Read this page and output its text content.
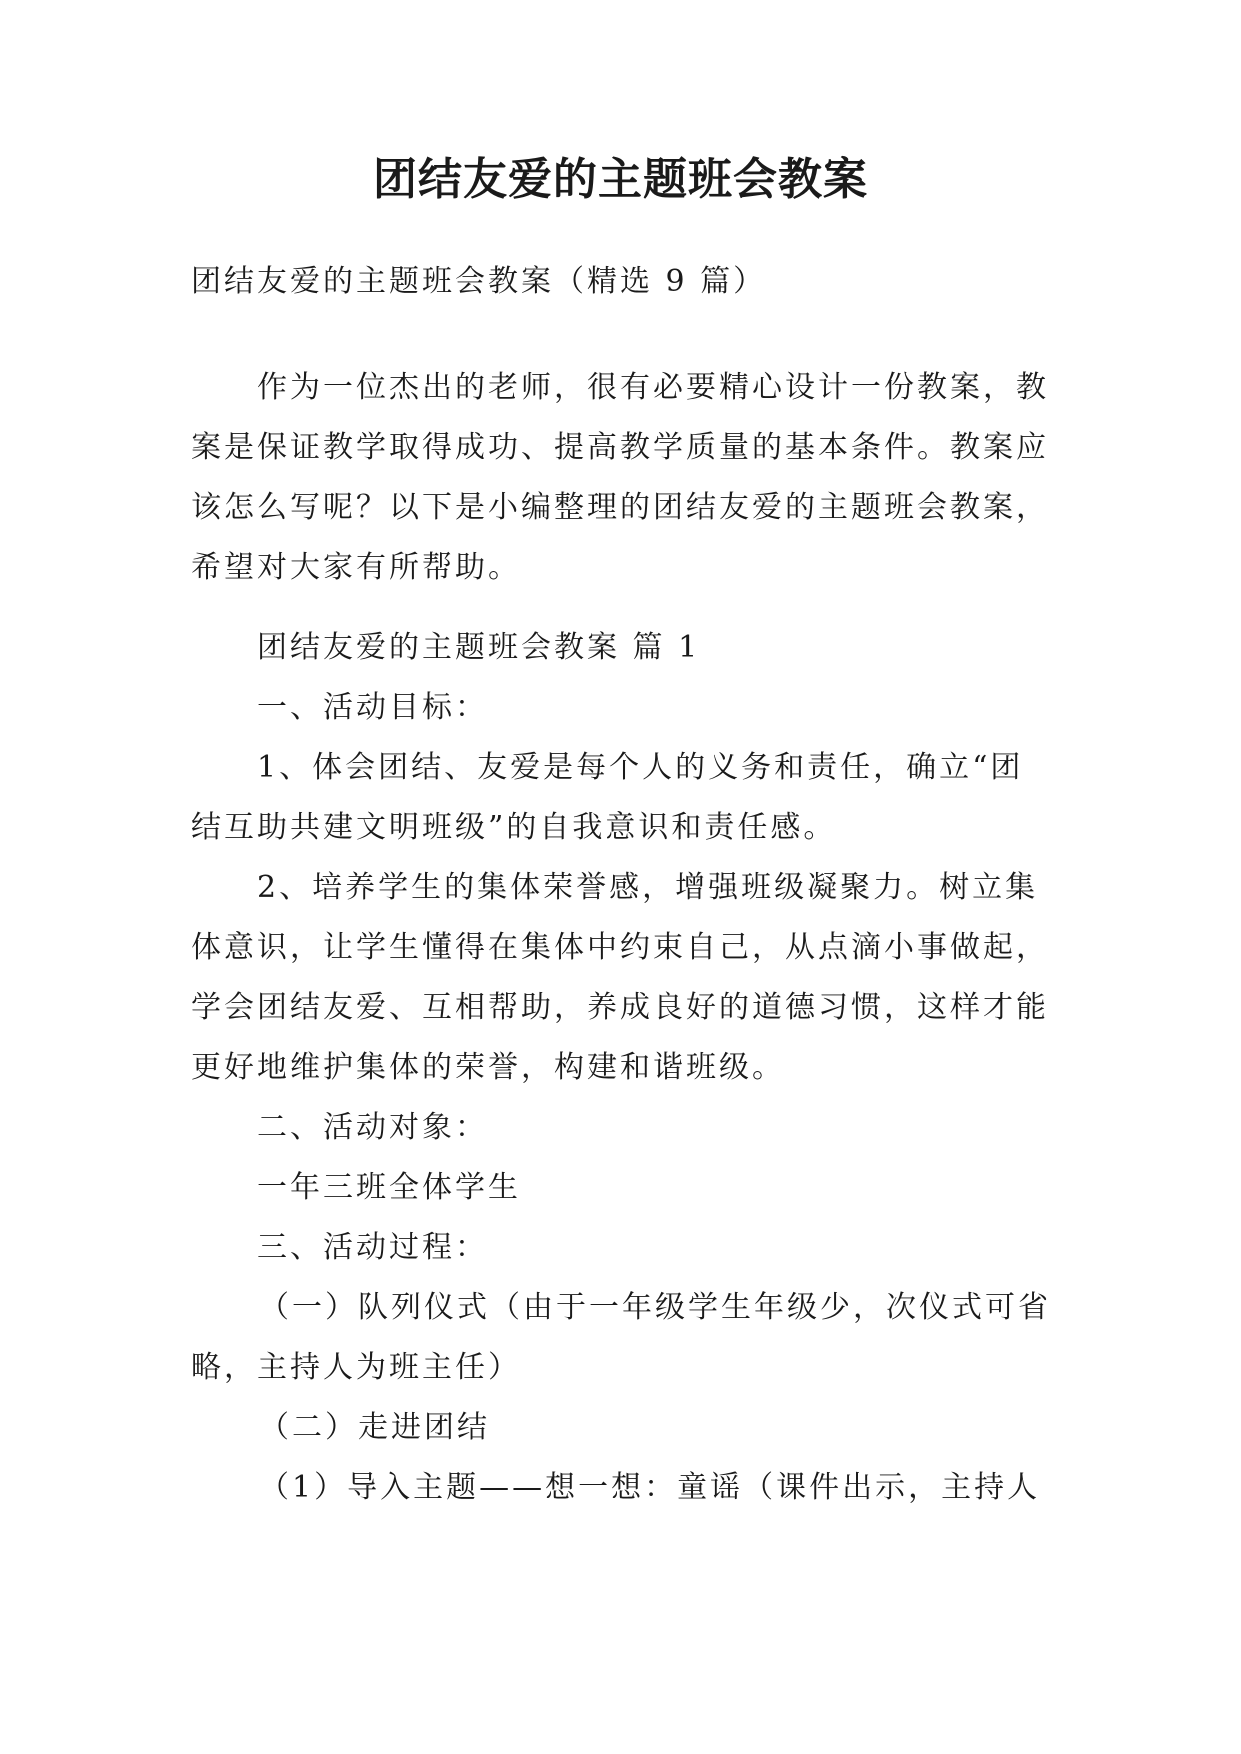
团结友爱的主题班会教案
团结友爱的主题班会教案（精选 9 篇）
作为一位杰出的老师，很有必要精心设计一份教案，教
案是保证教学取得成功、提高教学质量的基本条件。教案应
该怎么写呢？以下是小编整理的团结友爱的主题班会教案，
希望对大家有所帮助。
团结友爱的主题班会教案 篇 1
一、活动目标：
1、体会团结、友爱是每个人的义务和责任，确立“团
结互助共建文明班级”的自我意识和责任感。
2、培养学生的集体荣誉感，增强班级凝聚力。树立集
体意识，让学生懂得在集体中约束自己，从点滴小事做起，
学会团结友爱、互相帮助，养成良好的道德习惯，这样才能
更好地维护集体的荣誉，构建和谐班级。
二、活动对象：
一年三班全体学生
三、活动过程：
（一）队列仪式（由于一年级学生年级少，次仪式可省
略，主持人为班主任）
（二）走进团结
（1）导入主题——想一想：童谣（课件出示，主持人
